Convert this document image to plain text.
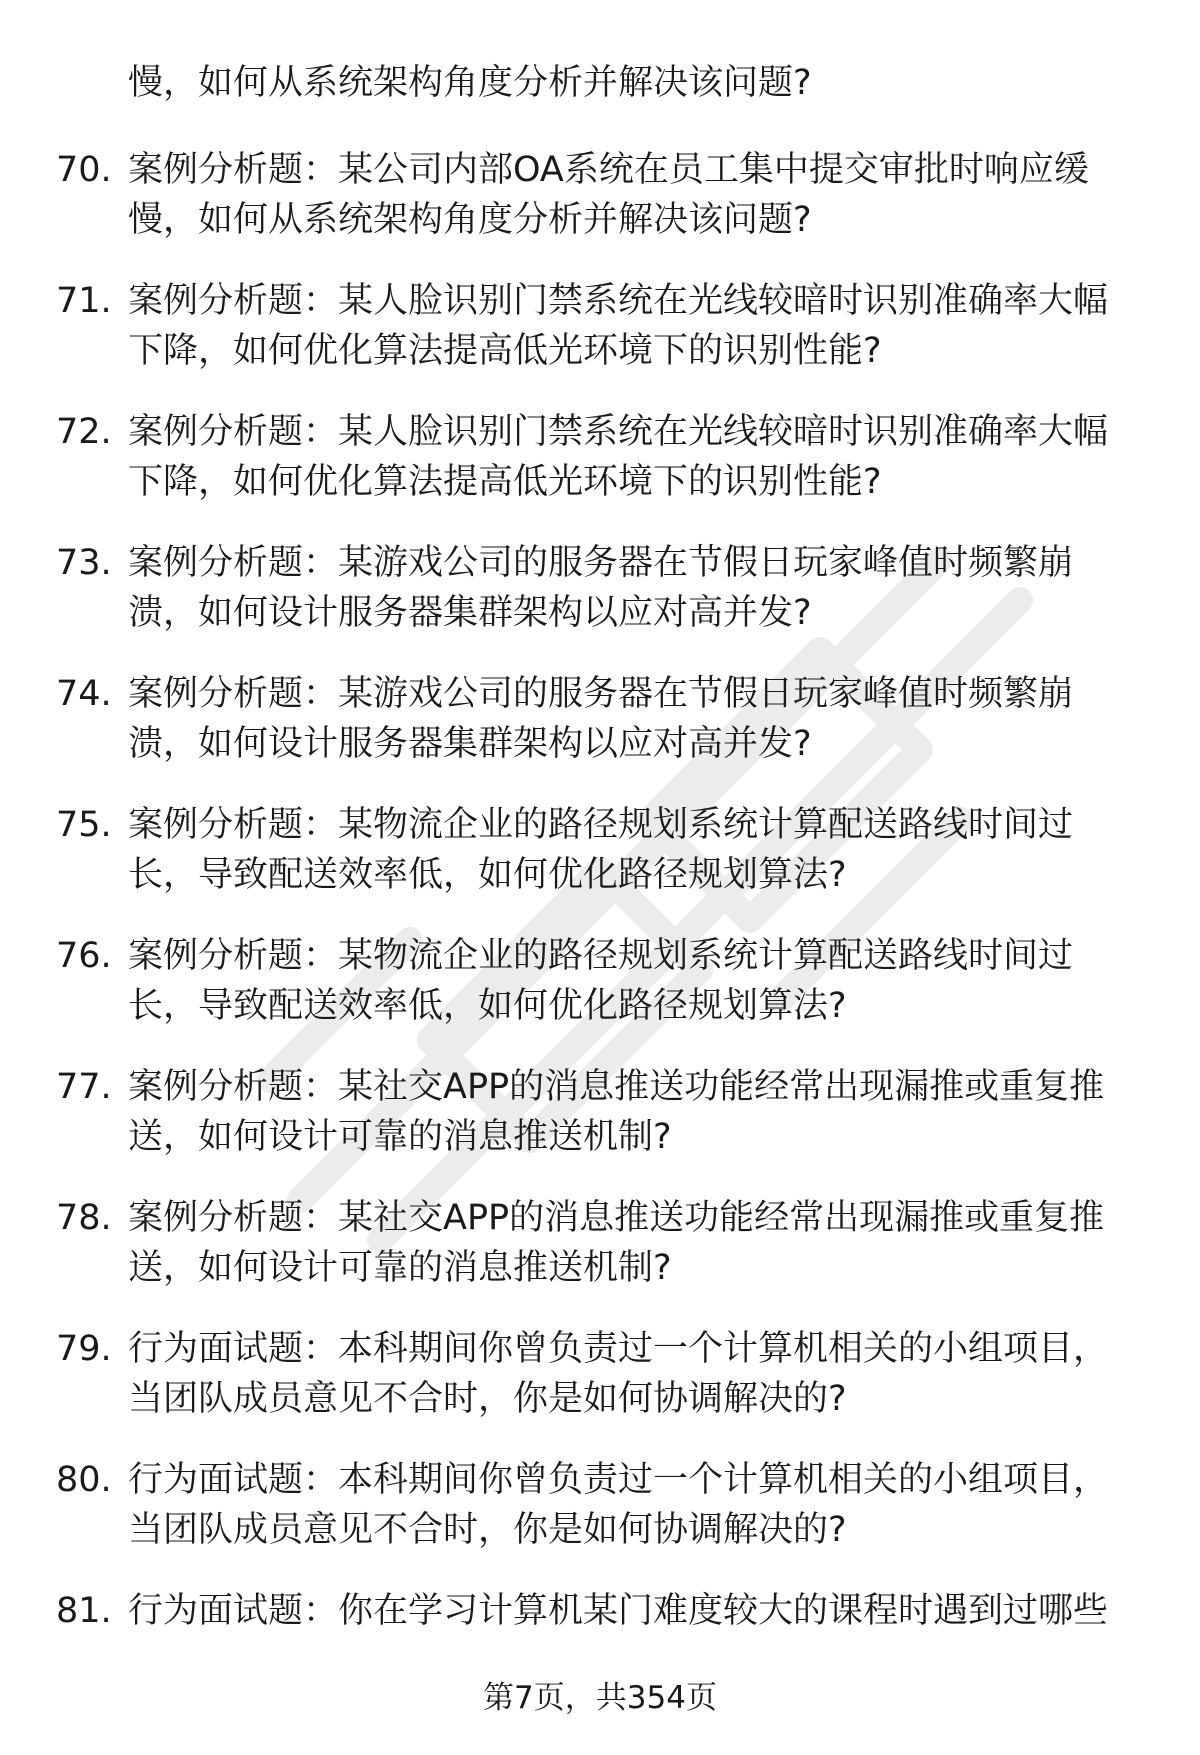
慢，如何从系统架构角度分析并解决该问题?
70. 案例分析题：某公司内部OA系统在员工集中提交审批时响应缓
慢，如何从系统架构角度分析并解决该问题?
71. 案例分析题：某人脸识别门禁系统在光线较暗时识别准确率大幅
下降，如何优化算法提高低光环境下的识别性能?
72. 案例分析题：某人脸识别门禁系统在光线较暗时识别准确率大幅
下降，如何优化算法提高低光环境下的识别性能?
73. 案例分析题：某游戏公司的服务器在节假日玩家峰值时频繁崩
溃，如何设计服务器集群架构以应对高并发?
74. 案例分析题：某游戏公司的服务器在节假日玩家峰值时频繁崩
溃，如何设计服务器集群架构以应对高并发?
75. 案例分析题：某物流企业的路径规划系统计算配送路线时间过
长，导致配送效率低，如何优化路径规划算法?
76. 案例分析题：某物流企业的路径规划系统计算配送路线时间过
长，导致配送效率低，如何优化路径规划算法?
77. 案例分析题：某社交APP的消息推送功能经常出现漏推或重复推
送，如何设计可靠的消息推送机制?
78. 案例分析题：某社交APP的消息推送功能经常出现漏推或重复推
送，如何设计可靠的消息推送机制?
79. 行为面试题：本科期间你曾负责过一个计算机相关的小组项目，
当团队成员意见不合时，你是如何协调解决的?
80. 行为面试题：本科期间你曾负责过一个计算机相关的小组项目，
当团队成员意见不合时，你是如何协调解决的?
81. 行为面试题：你在学习计算机某门难度较大的课程时遇到过哪些
第7页，共354页
